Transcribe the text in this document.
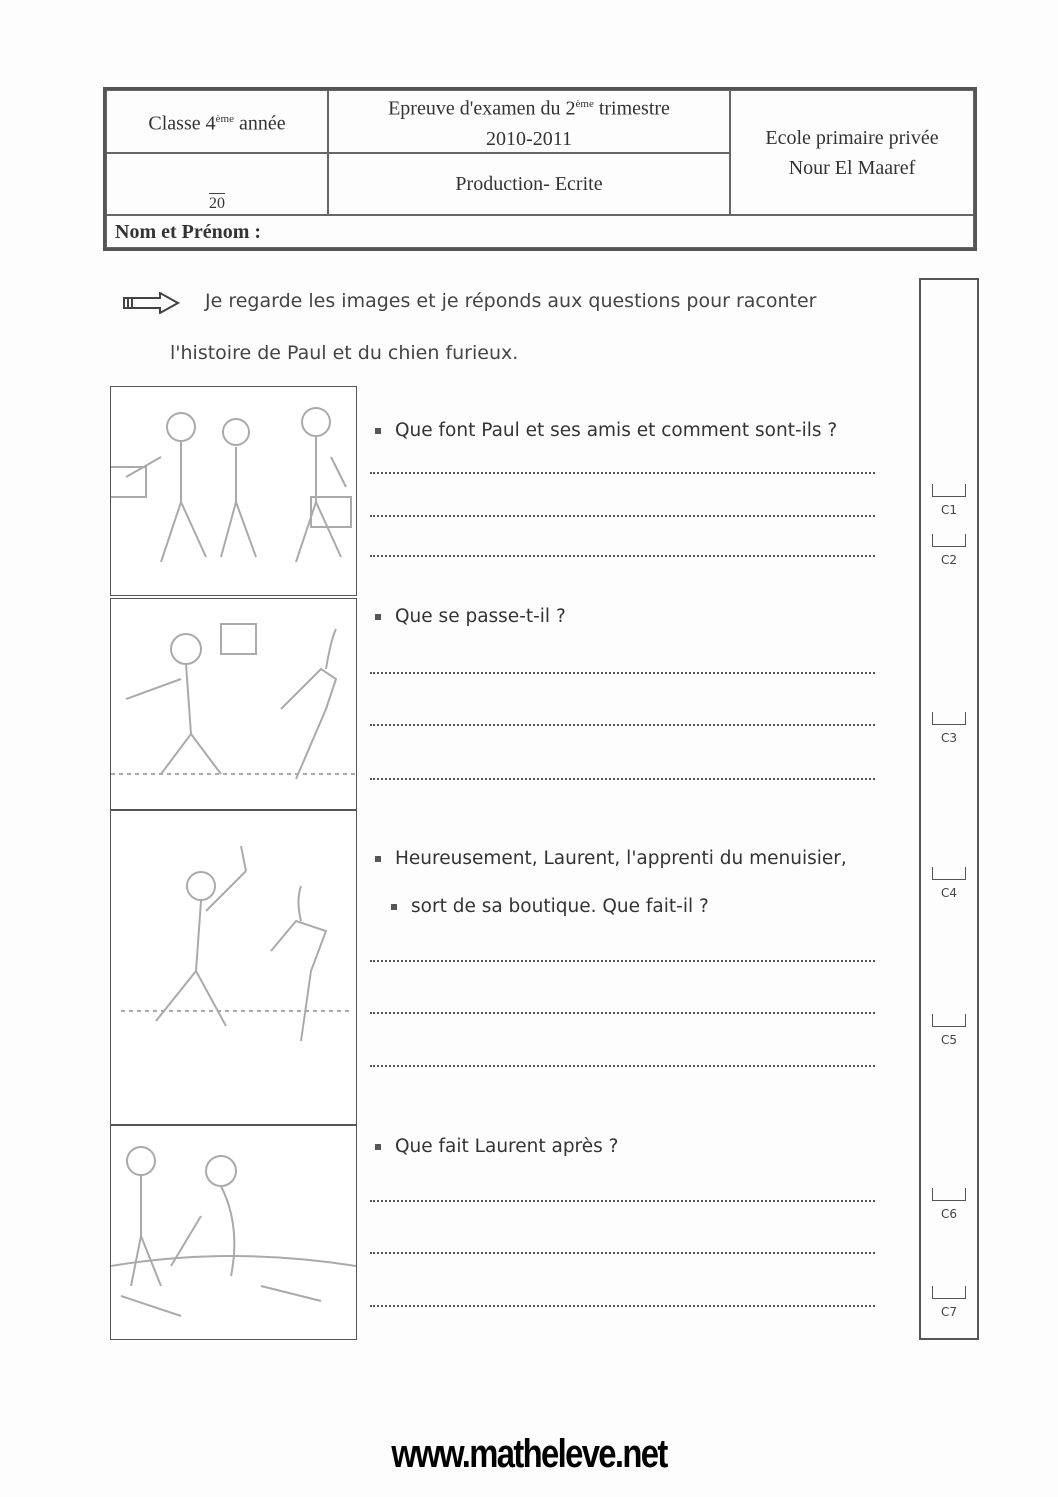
Classe 4ème année
Epreuve d'examen du 2ème trimestre
2010-2011	Ecole primaire privée
Nour El Maaref
20
Production- Ecrite
Nom et Prénom :
Je regarde les images et je réponds aux questions pour raconter
l'histoire de Paul et du chien furieux.
Que font Paul et ses amis et comment sont-ils ?
Que se passe-t-il ?
Heureusement, Laurent, l'apprenti du menuisier,
sort de sa boutique. Que fait-il ?
Que fait Laurent après ?
C1
C2
C3
C4
C5
C6
C7
www.matheleve.net
